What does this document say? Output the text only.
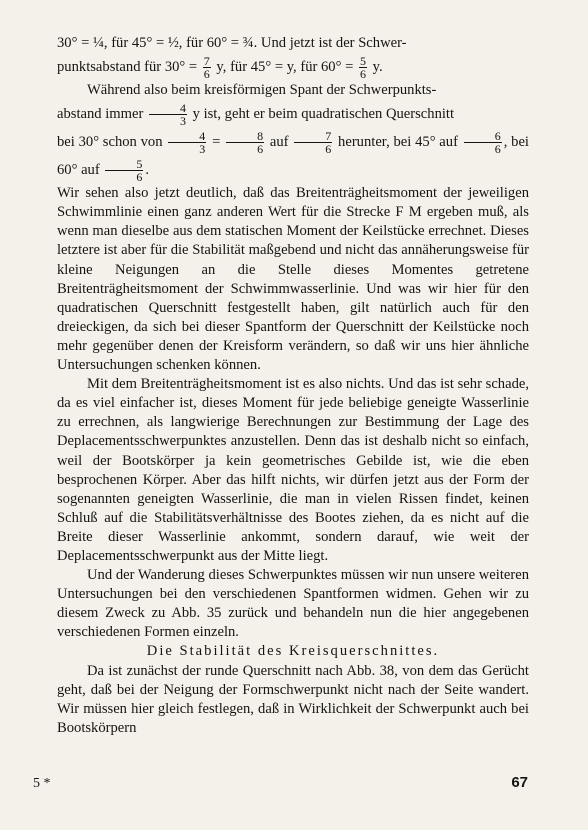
30° = ¼, für 45° = ½, für 60° = ¾. Und jetzt ist der Schwer-
punktsabstand für $30^\circ = \frac{7}{6} y$, für 45° = y, für $60^\circ = \frac{5}{6} y$.

Während also beim kreisförmigen Spant der Schwerpunkts-
abstand immer $\frac{4}{3}$ y ist, geht er beim quadratischen Querschnitt
bei 30° schon von $\frac{4}{3} = \frac{8}{6}$ auf $\frac{7}{6}$ herunter, bei 45° auf $\frac{6}{6}$ , bei 60° auf $\frac{5}{6}$ .
Wir sehen also jetzt deutlich, daß das Breitenträgheitsmoment der jeweiligen Schwimmlinie einen ganz anderen Wert für die Strecke F M ergeben muß, als wenn man dieselbe aus dem statischen Moment der Keilstücke errechnet. Dieses letztere ist aber für die Stabilität maßgebend und nicht das annäherungsweise für kleine Neigungen an die Stelle dieses Momentes getretene Breitenträgheitsmoment der Schwimmwasserlinie. Und was wir hier für den quadratischen Querschnitt festgestellt haben, gilt natürlich auch für den dreieckigen, da sich bei dieser Spantform der Querschnitt der Keilstücke noch mehr gegenüber denen der Kreisform verändern, so daß wir uns hier ähnliche Untersuchungen schenken können.

Mit dem Breitenträgheitsmoment ist es also nichts. Und das ist sehr schade, da es viel einfacher ist, dieses Moment für jede beliebige geneigte Wasserlinie zu errechnen, als langwierige Berechnungen zur Bestimmung der Lage des Deplacementsschwerpunktes anzustellen. Denn das ist deshalb nicht so einfach, weil der Bootskörper ja kein geometrisches Gebilde ist, wie die eben besprochenen Körper. Aber das hilft nichts, wir dürfen jetzt aus der Form der sogenannten geneigten Wasserlinie, die man in vielen Rissen findet, keinen Schluß auf die Stabilitätsverhältnisse des Bootes ziehen, da es nicht auf die Breite dieser Wasserlinie ankommt, sondern darauf, wie weit der Deplacementsschwerpunkt aus der Mitte liegt.

Und der Wanderung dieses Schwerpunktes müssen wir nun unsere weiteren Untersuchungen bei den verschiedenen Spantformen widmen. Gehen wir zu diesem Zweck zu Abb. 35 zurück und behandeln nun die hier angegebenen verschiedenen Formen einzeln.

Die Stabilität des Kreisquerschnittes.

Da ist zunächst der runde Querschnitt nach Abb. 38, von dem das Gerücht geht, daß bei der Neigung der Formschwerpunkt nicht nach der Seite wandert. Wir müssen hier gleich festlegen, daß in Wirklichkeit der Schwerpunkt auch bei Bootskörpern

5 *	67
